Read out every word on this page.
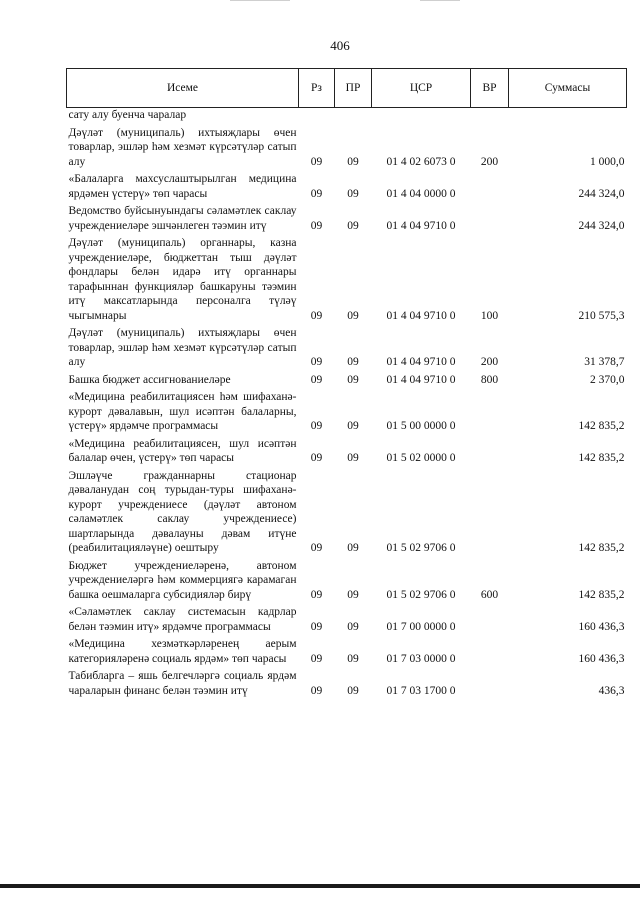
406
Исеме	Рз	ПР	ЦСР	ВР	Суммасы
сату алу буенча чаралар					
Дәүләт (муниципаль) ихтыяҗлары өчен товарлар, эшләр һәм хезмәт күрсәтүләр сатып алу	09	09	01 4 02 6073 0	200	1 000,0
«Балаларга махсуслаштырылган медицина ярдәмен үстерү» төп чарасы	09	09	01 4 04 0000 0		244 324,0
Ведомство буйсынуындагы сәламәтлек саклау учреждениеләре эшчәнлеген тәэмин итү	09	09	01 4 04 9710 0		244 324,0
Дәүләт (муниципаль) органнары, казна учреждениеләре, бюджеттан тыш дәүләт фондлары белән идарә итү органнары тарафыннан функцияләр башкаруны тәэмин итү максатларында персоналга түләү чыгымнары	09	09	01 4 04 9710 0	100	210 575,3
Дәүләт (муниципаль) ихтыяҗлары өчен товарлар, эшләр һәм хезмәт күрсәтүләр сатып алу	09	09	01 4 04 9710 0	200	31 378,7
Башка бюджет ассигнованиеләре	09	09	01 4 04 9710 0	800	2 370,0
«Медицина реабилитациясен һәм шифаханә-курорт дәвалавын, шул исәптән балаларны, үстерү» ярдәмче программасы	09	09	01 5 00 0000 0		142 835,2
«Медицина реабилитациясен, шул исәптән балалар өчен, үстерү» төп чарасы	09	09	01 5 02 0000 0		142 835,2
Эшләүче гражданнарны стационар дәваланудан соң турыдан-туры шифаханә-курорт учреждениесе (дәүләт автоном сәламәтлек саклау учреждениесе) шартларында дәвалауны дәвам итүне (реабилитацияләүне) оештыру	09	09	01 5 02 9706 0		142 835,2
Бюджет учреждениеләренә, автоном учреждениеләргә һәм коммерциягә карамаган башка оешмаларга субсидияләр бирү	09	09	01 5 02 9706 0	600	142 835,2
«Сәламәтлек саклау системасын кадрлар белән тәэмин итү» ярдәмче программасы	09	09	01 7 00 0000 0		160 436,3
«Медицина хезмәткәрләренең аерым категорияләренә социаль ярдәм» төп чарасы	09	09	01 7 03 0000 0		160 436,3
Табибларга – яшь белгечләргә социаль ярдәм чараларын финанс белән тәэмин итү	09	09	01 7 03 1700 0		436,3
